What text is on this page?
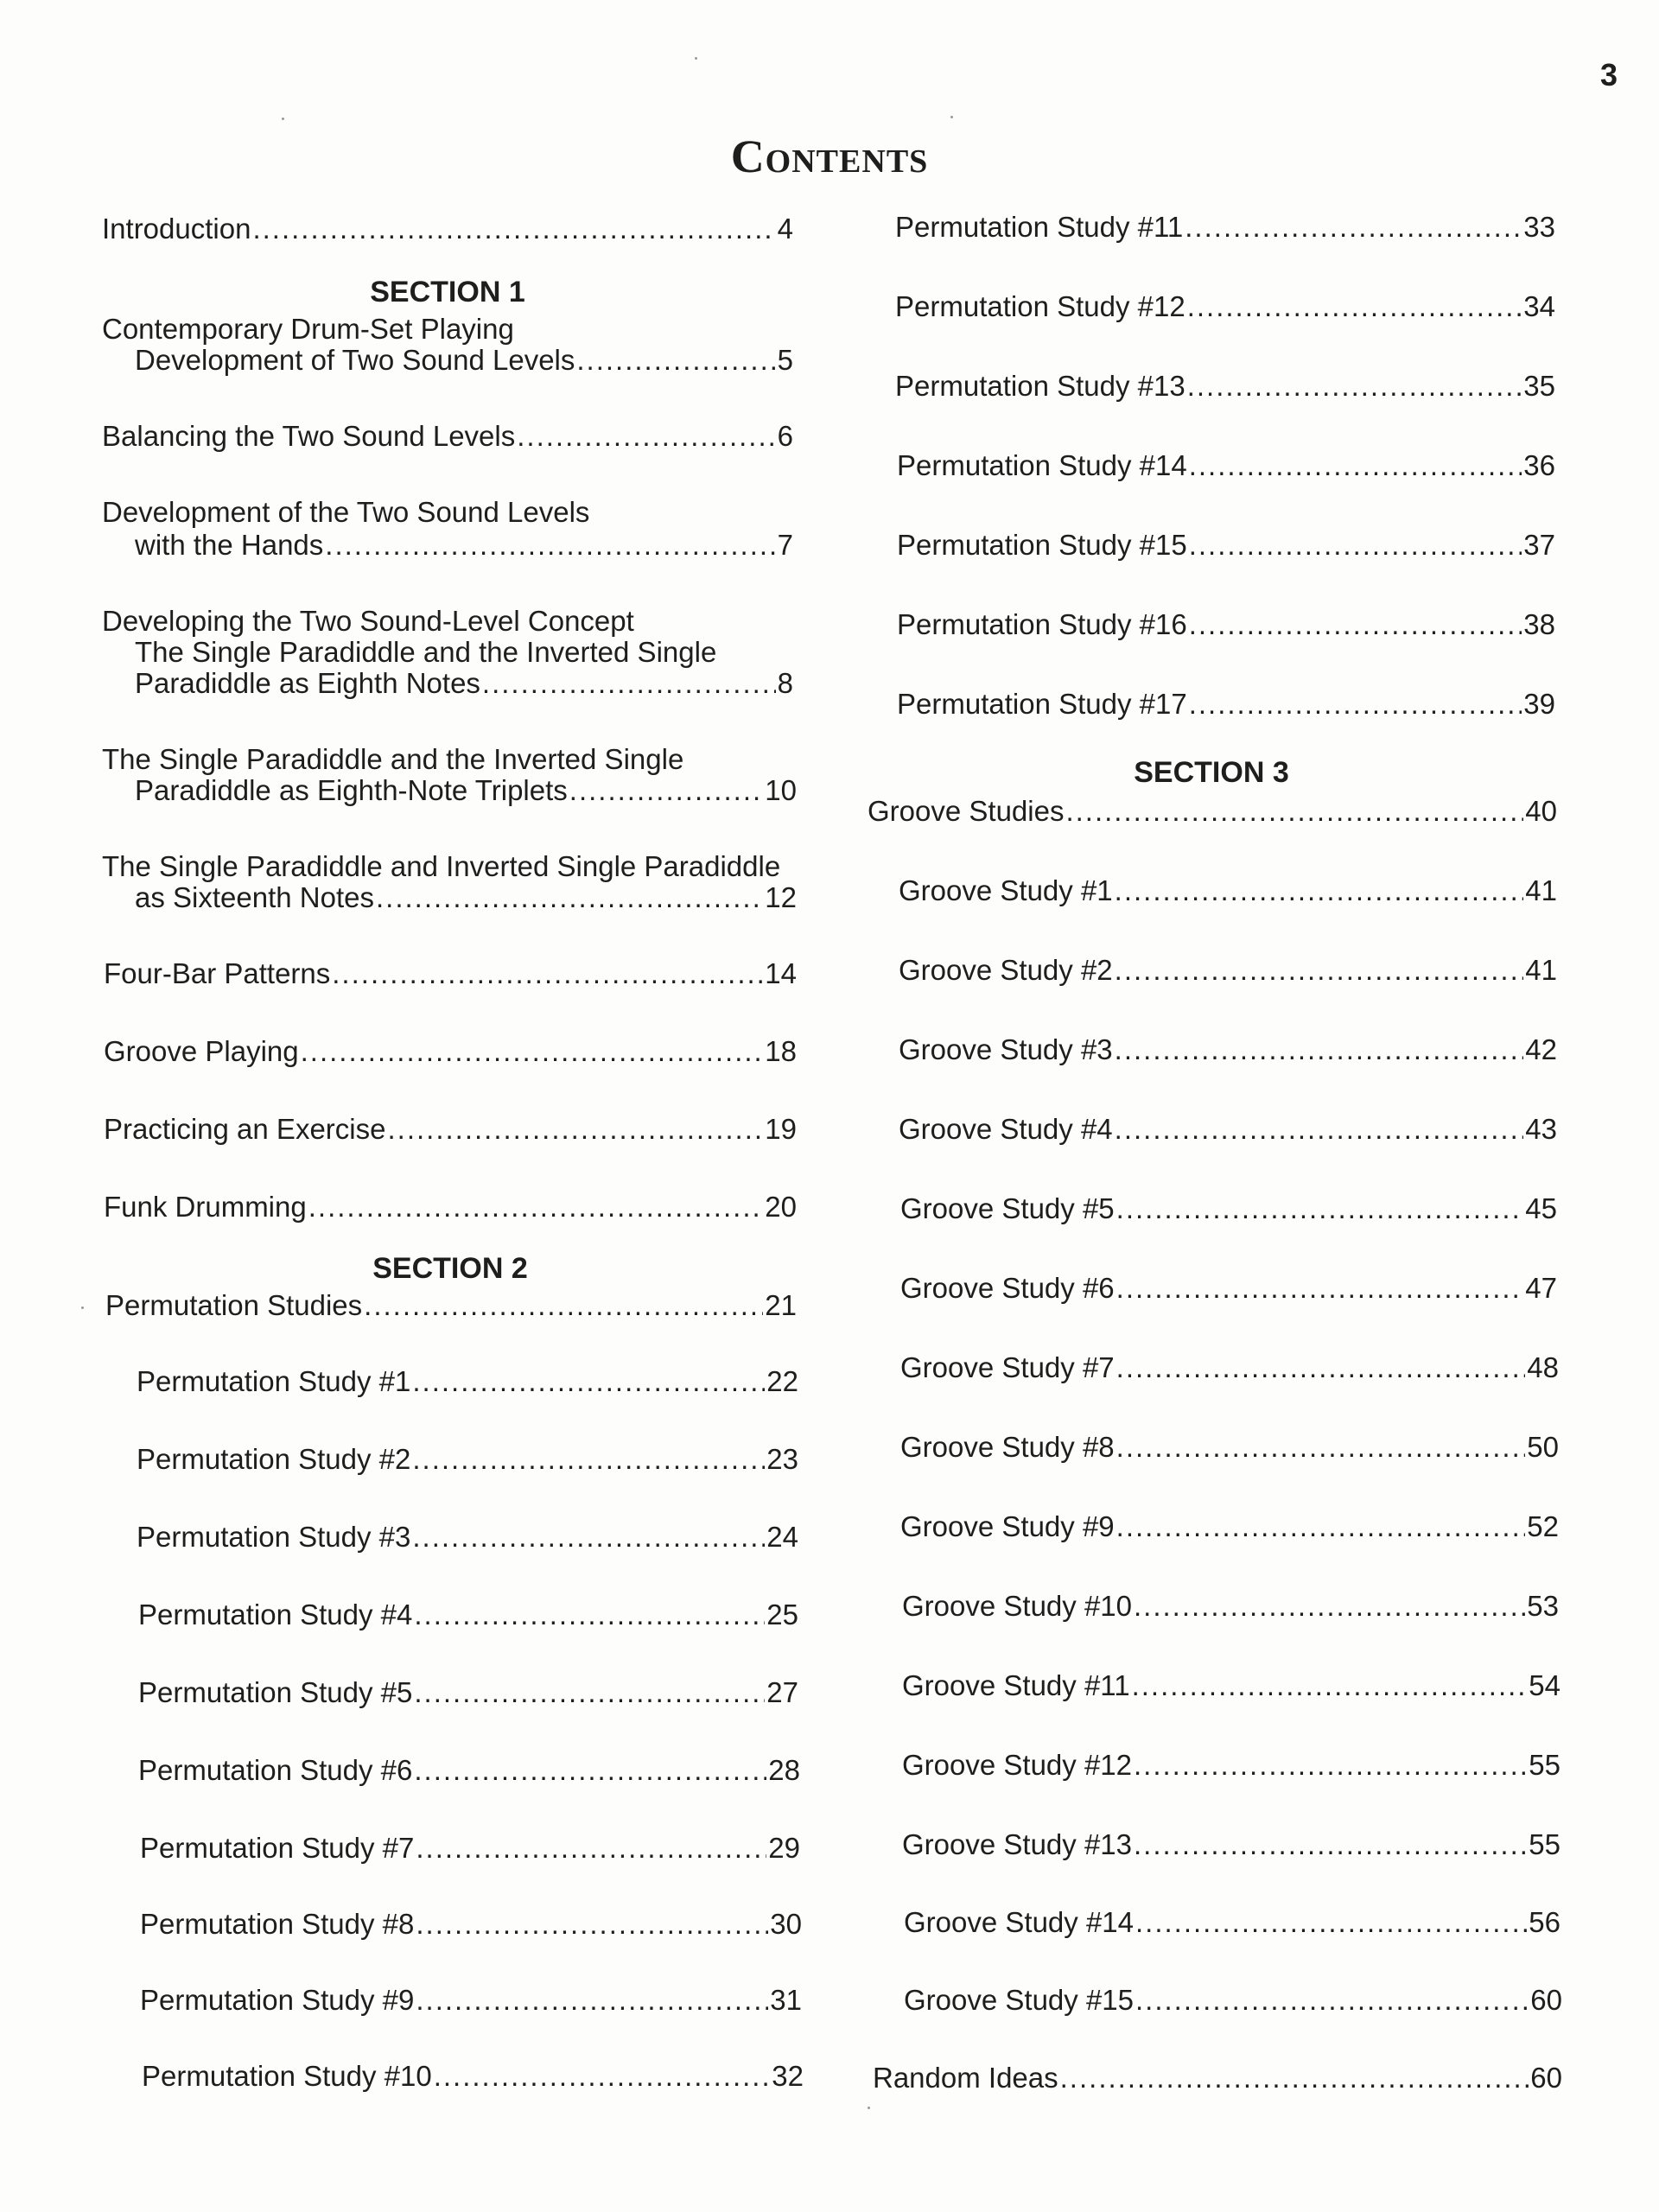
3
Contents
Introduction .....	4
SECTION 1
Contemporary Drum-Set Playing
Development of Two Sound Levels .....	5
Balancing the Two Sound Levels .....	6
Development of the Two Sound Levels
with the Hands .....	7
Developing the Two Sound-Level Concept
The Single Paradiddle and the Inverted Single
Paradiddle as Eighth Notes .....	8
The Single Paradiddle and the Inverted Single
Paradiddle as Eighth-Note Triplets .....	10
The Single Paradiddle and Inverted Single Paradiddle
as Sixteenth Notes .....	12
Four-Bar Patterns .....	14
Groove Playing .....	18
Practicing an Exercise .....	19
Funk Drumming .....	20
SECTION 2
Permutation Studies .....	21
Permutation Study #1 .....	22
Permutation Study #2 .....	23
Permutation Study #3 .....	24
Permutation Study #4 .....	25
Permutation Study #5 .....	27
Permutation Study #6 .....	28
Permutation Study #7 .....	29
Permutation Study #8 .....	30
Permutation Study #9 .....	31
Permutation Study #10 .....	32
Permutation Study #11 .....	33
Permutation Study #12 .....	34
Permutation Study #13 .....	35
Permutation Study #14 .....	36
Permutation Study #15 .....	37
Permutation Study #16 .....	38
Permutation Study #17 .....	39
SECTION 3
Groove Studies .....	40
Groove Study #1 .....	41
Groove Study #2 .....	41
Groove Study #3 .....	42
Groove Study #4 .....	43
Groove Study #5 .....	45
Groove Study #6 .....	47
Groove Study #7 .....	48
Groove Study #8 .....	50
Groove Study #9 .....	52
Groove Study #10 .....	53
Groove Study #11 .....	54
Groove Study #12 .....	55
Groove Study #13 .....	55
Groove Study #14 .....	56
Groove Study #15 .....	60
Random Ideas .....	60
